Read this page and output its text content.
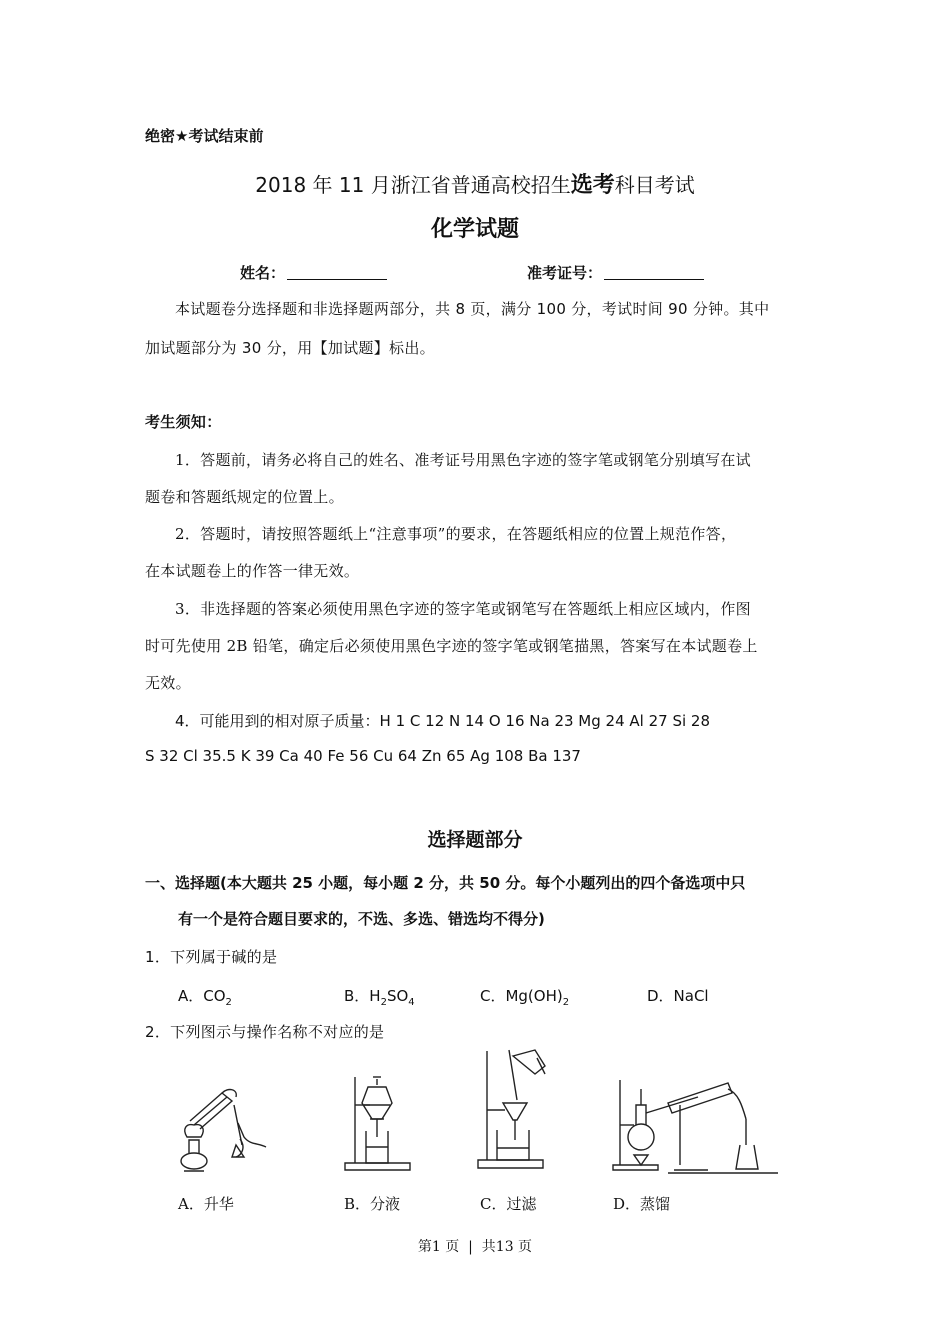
绝密★考试结束前
2018 年 11 月浙江省普通高校招生选考科目考试
化学试题
姓名：	准考证号：
本试题卷分选择题和非选择题两部分，共 8 页，满分 100 分，考试时间 90 分钟。其中
加试题部分为 30 分，用【加试题】标出。
考生须知：
1．答题前，请务必将自己的姓名、准考证号用黑色字迹的签字笔或钢笔分别填写在试
题卷和答题纸规定的位置上。
2．答题时，请按照答题纸上“注意事项”的要求，在答题纸相应的位置上规范作答，
在本试题卷上的作答一律无效。
3．非选择题的答案必须使用黑色字迹的签字笔或钢笔写在答题纸上相应区域内，作图
时可先使用 2B 铅笔，确定后必须使用黑色字迹的签字笔或钢笔描黑，答案写在本试题卷上
无效。
4．可能用到的相对原子质量：H 1 C 12 N 14 O 16 Na 23 Mg 24 Al 27 Si 28
S 32 Cl 35.5 K 39 Ca 40 Fe 56 Cu 64 Zn 65 Ag 108 Ba 137
选择题部分
一、选择题(本大题共 25 小题，每小题 2 分，共 50 分。每个小题列出的四个备选项中只
有一个是符合题目要求的，不选、多选、错选均不得分)
1．下列属于碱的是
A．$CO_2$	B．$H_2SO_4$	C．$Mg(OH)_2$	D．NaCl
2．下列图示与操作名称不对应的是
A．升华	B．分液	C．过滤	D．蒸馏
第1 页  |  共13 页
